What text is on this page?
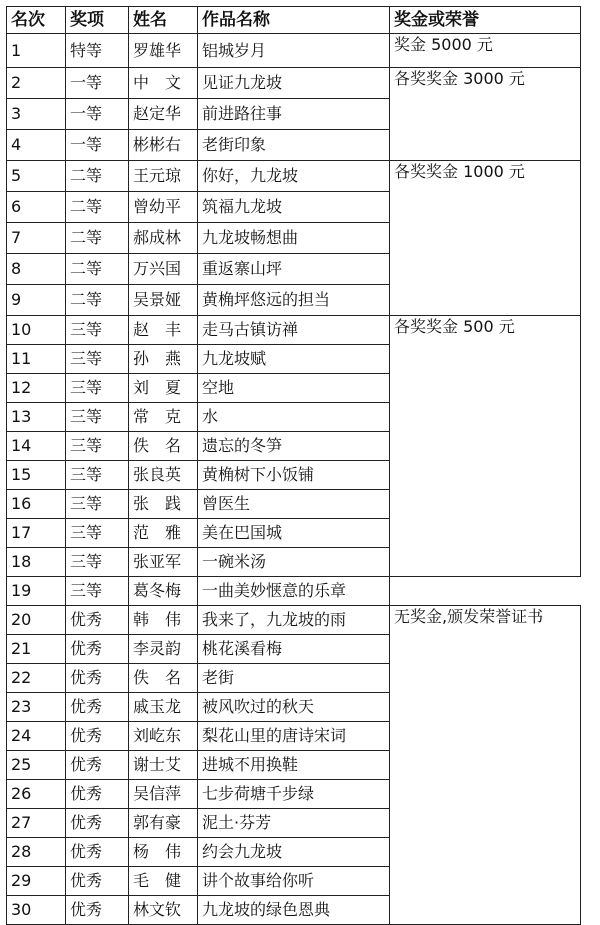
名次	奖项	姓名	作品名称	奖金或荣誉
1	特等	罗雄华	铝城岁月	奖金 5000 元
2	一等	中　文	见证九龙坡	各奖奖金 3000 元
3	一等	赵定华	前进路往事	
4	一等	彬彬右	老街印象	
5	二等	王元琼	你好，九龙坡	各奖奖金 1000 元
6	二等	曾幼平	筑福九龙坡	
7	二等	郝成林	九龙坡畅想曲	
8	二等	万兴国	重返寨山坪	
9	二等	吴景娅	黄桷坪悠远的担当	
10	三等	赵　丰	走马古镇访禅	各奖奖金 500 元
11	三等	孙　燕	九龙坡赋	
12	三等	刘　夏	空地	
13	三等	常　克	水	
14	三等	佚　名	遗忘的冬笋	
15	三等	张良英	黄桷树下小饭铺	
16	三等	张　践	曾医生	
17	三等	范　雅	美在巴国城	
18	三等	张亚军	一碗米汤	
19	三等	葛冬梅	一曲美妙惬意的乐章	
20	优秀	韩　伟	我来了，九龙坡的雨	无奖金,颁发荣誉证书
21	优秀	李灵韵	桃花溪看梅	
22	优秀	佚　名	老街	
23	优秀	戚玉龙	被风吹过的秋天	
24	优秀	刘屹东	梨花山里的唐诗宋词	
25	优秀	谢士艾	进城不用换鞋	
26	优秀	吴信萍	七步荷塘千步绿	
27	优秀	郭有豪	泥土·芬芳	
28	优秀	杨　伟	约会九龙坡	
29	优秀	毛　健	讲个故事给你听	
30	优秀	林文钦	九龙坡的绿色恩典	
